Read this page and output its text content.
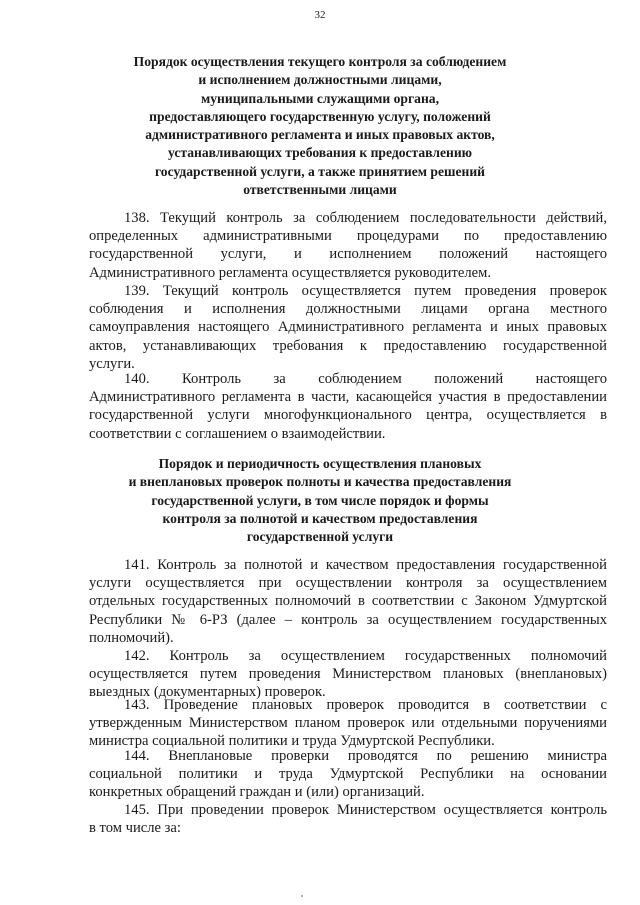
32
Порядок осуществления текущего контроля за соблюдением
и исполнением должностными лицами,
муниципальными служащими органа,
предоставляющего государственную услугу, положений
административного регламента и иных правовых актов,
устанавливающих требования к предоставлению
государственной услуги, а также принятием решений
ответственными лицами
138. Текущий контроль за соблюдением последовательности действий,
определенных административными процедурами по предоставлению
государственной услуги, и исполнением положений настоящего
Административного регламента осуществляется руководителем.
139. Текущий контроль осуществляется путем проведения проверок
соблюдения и исполнения должностными лицами органа местного
самоуправления настоящего Административного регламента и иных правовых
актов, устанавливающих требования к предоставлению государственной
услуги.
140. Контроль за соблюдением положений настоящего
Административного регламента в части, касающейся участия в предоставлении
государственной услуги многофункционального центра, осуществляется в
соответствии с соглашением о взаимодействии.
Порядок и периодичность осуществления плановых
и внеплановых проверок полноты и качества предоставления
государственной услуги, в том числе порядок и формы
контроля за полнотой и качеством предоставления
государственной услуги
141. Контроль за полнотой и качеством предоставления государственной
услуги осуществляется при осуществлении контроля за осуществлением
отдельных государственных полномочий в соответствии с Законом Удмуртской
Республики № 6-РЗ (далее – контроль за осуществлением государственных
полномочий).
142. Контроль за осуществлением государственных полномочий
осуществляется путем проведения Министерством плановых (внеплановых)
выездных (документарных) проверок.
143. Проведение плановых проверок проводится в соответствии с
утвержденным Министерством планом проверок или отдельными поручениями
министра социальной политики и труда Удмуртской Республики.
144. Внеплановые проверки проводятся по решению министра
социальной политики и труда Удмуртской Республики на основании
конкретных обращений граждан и (или) организаций.
145. При проведении проверок Министерством осуществляется контроль
в том числе за:
